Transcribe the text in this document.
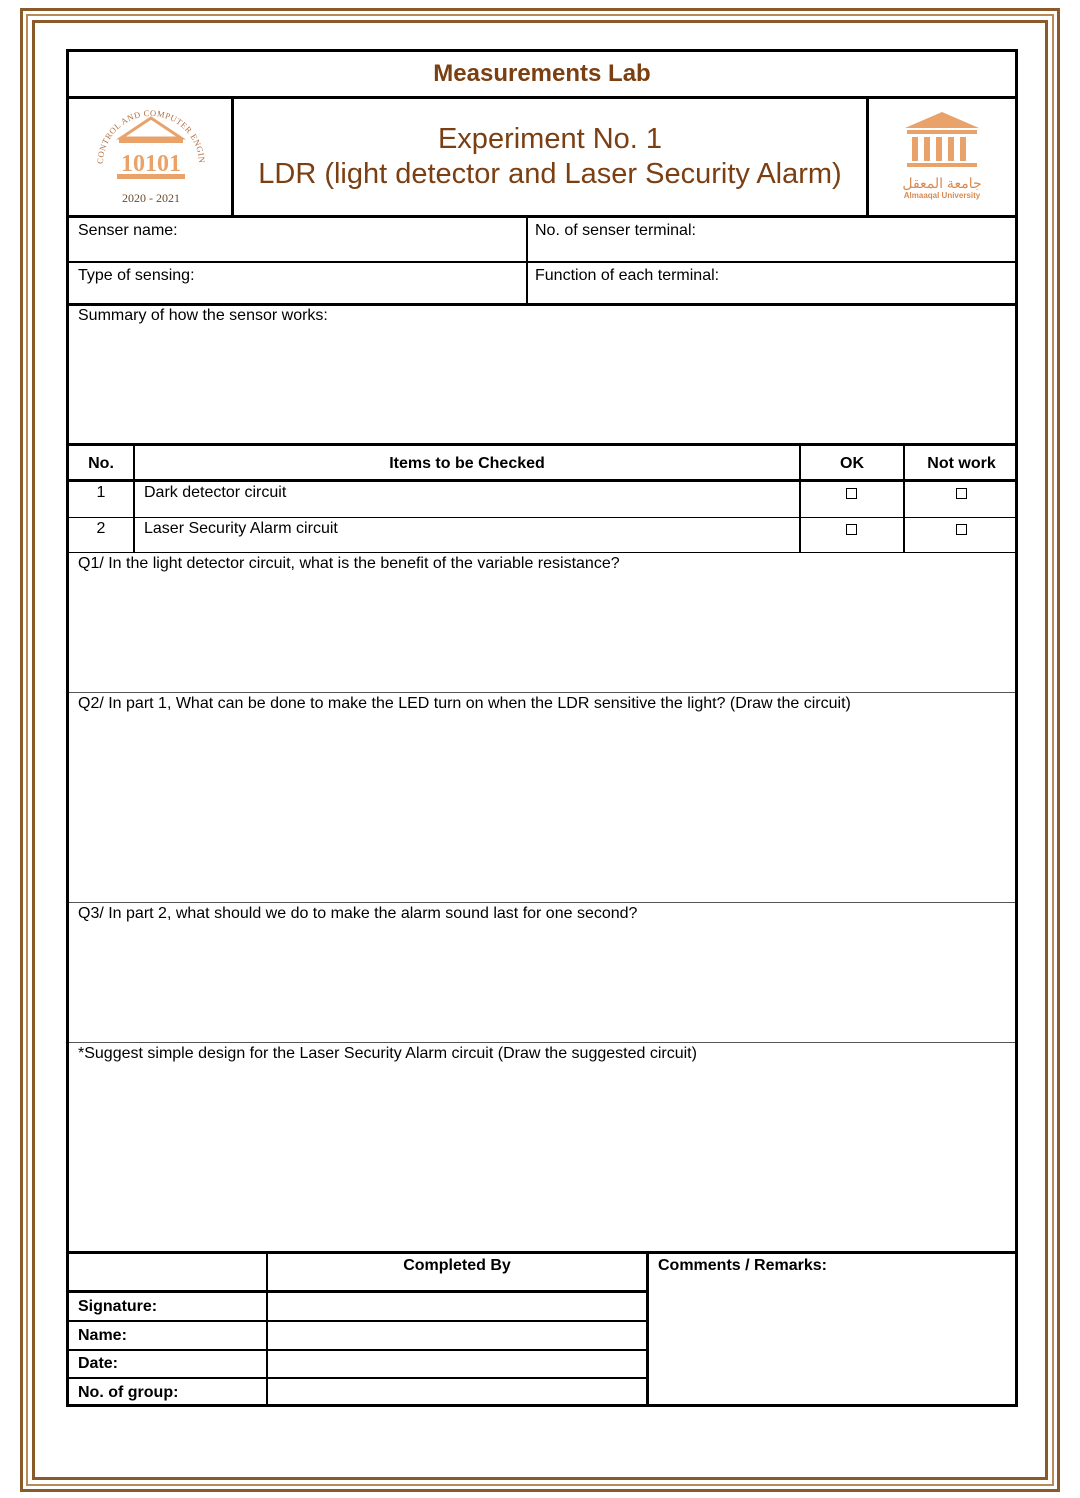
Measurements Lab
CONTROL AND COMPUTER ENGIN
10101
2020 - 2021
Experiment No. 1
LDR (light detector and Laser Security Alarm)	جامعة المعقل
Almaaqal University
Senser name:	No. of senser terminal:
Type of sensing:	Function of each terminal:
Summary of how the sensor works:
No.	Items to be Checked	OK	Not work
1	Dark detector circuit
2	Laser Security Alarm circuit
Q1/ In the light detector circuit, what is the benefit of the variable resistance?
Q2/ In part 1, What can be done to make the LED turn on when the LDR sensitive the light? (Draw the circuit)
Q3/ In part 2, what should we do to make the alarm sound last for one second?
*Suggest simple design for the Laser Security Alarm circuit (Draw the suggested circuit)
Completed By	Comments / Remarks:
Signature:
Name:
Date:
No. of group:
